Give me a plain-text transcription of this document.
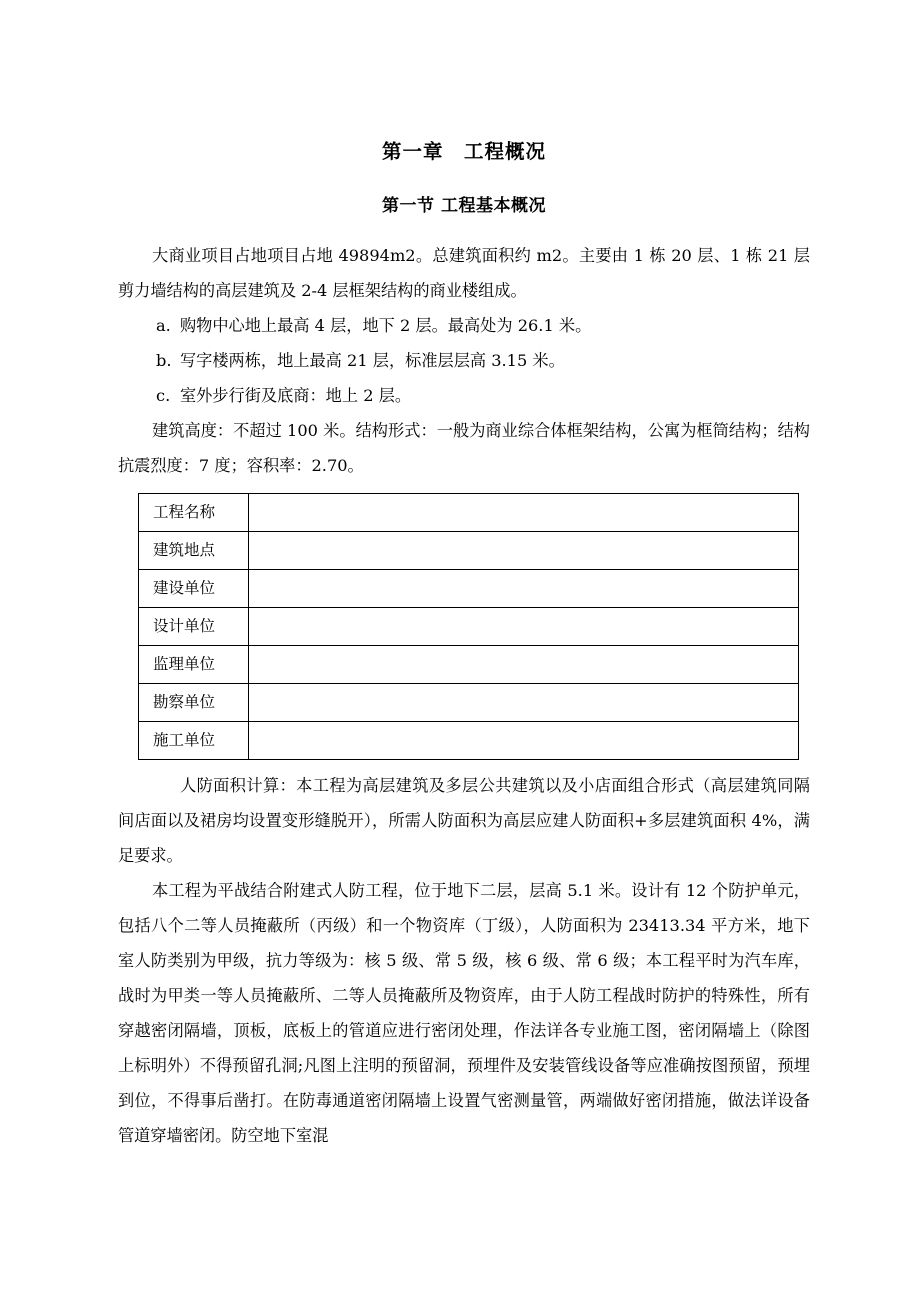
第一章　工程概况
第一节 工程基本概况

大商业项目占地项目占地 49894m2。总建筑面积约 m2。主要由 1 栋 20 层、1 栋 21 层剪力墙结构的高层建筑及 2-4 层框架结构的商业楼组成。

a. 购物中心地上最高 4 层，地下 2 层。最高处为 26.1 米。
b. 写字楼两栋，地上最高 21 层，标准层层高 3.15 米。
c. 室外步行街及底商：地上 2 层。

建筑高度：不超过 100 米。结构形式：一般为商业综合体框架结构，公寓为框筒结构；结构抗震烈度：7 度；容积率：2.70。

工程名称	
建筑地点	
建设单位	
设计单位	
监理单位	
勘察单位	
施工单位	

人防面积计算：本工程为高层建筑及多层公共建筑以及小店面组合形式（高层建筑同隔间店面以及裙房均设置变形缝脱开），所需人防面积为高层应建人防面积+多层建筑面积 4%，满足要求。

本工程为平战结合附建式人防工程，位于地下二层，层高 5.1 米。设计有 12 个防护单元，包括八个二等人员掩蔽所（丙级）和一个物资库（丁级），人防面积为 23413.34 平方米，地下室人防类别为甲级，抗力等级为：核 5 级、常 5 级，核 6 级、常 6 级；本工程平时为汽车库，战时为甲类一等人员掩蔽所、二等人员掩蔽所及物资库，由于人防工程战时防护的特殊性，所有穿越密闭隔墙，顶板，底板上的管道应进行密闭处理，作法详各专业施工图，密闭隔墙上（除图上标明外）不得预留孔洞;凡图上注明的预留洞，预埋件及安装管线设备等应准确按图预留，预埋到位，不得事后凿打。在防毒通道密闭隔墙上设置气密测量管，两端做好密闭措施，做法详设备管道穿墙密闭。防空地下室混
